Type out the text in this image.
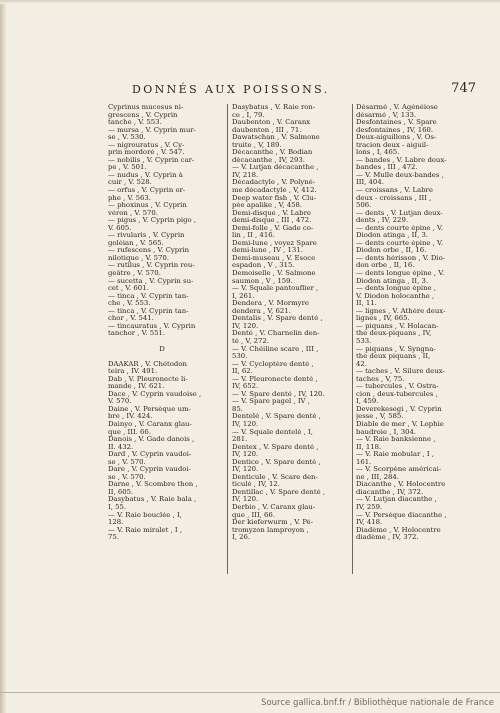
DONNÉS AUX POISSONS.	747
Cyprinus mucosus ni-
grescens , V. Cyprin
tanche , V. 553.
— mursa , V. Cyprin mur-
se , V. 530.
— nigrouratus , V. Cy-
prin mordoré , V. 547.
— nobilis , V. Cyprin car-
pe , V. 501.
— nudus , V. Cyprin à
cuir , V. 528.
— orfus , V. Cyprin or-
phe , V. 563.
— phoxinus , V. Cyprin
véron , V. 570.
— pigus , V. Cyprin pigo ,
V. 605.
— rivularis , V. Cyprin
goléian , V. 565.
— rufescens , V. Cyprin
nilotique , V. 570.
— rutilus , V. Cyprin rou-
geâtre , V. 570.
— sucetta , V. Cyprin su-
cet , V. 601.
— tinca , V. Cyprin tan-
che , V. 553.
— tinca , V. Cyprin tan-
chor , V. 541.
— tincauratus , V. Cyprin
tanchor , V. 551.

D

DAAKAR , V. Chétodon
teira , IV. 491.
Dab , V. Pleuronecte li-
mande , IV. 621.
Dace , V. Cyprin vaudoise ,
V. 570.
Daine , V. Persèque um-
bre , IV. 424.
Dainyo , V. Caranx glau-
que , III. 66.
Danois , V. Gade danois ,
II. 432.
Dard , V. Cyprin vaudoi-
se , V. 570.
Dare , V. Cyprin vaudoi-
se , V. 570.
Darne , V. Scombre thon ,
II, 605.
Dasybatus , V. Raie bala ,
I, 55.
— V. Raie bouclée , I,
128.
— V. Raie miralet , I ,
75.
Dasybatus , V. Raie ron-
ce , I, 79.
Daubenton , V. Caranx
daubenton , III , 71.
Dawatschan , V. Salmone
truite , V, 189.
Décacanthe , V. Bodian
décacanthe , IV, 293.
— V. Lutjan décacanthe ,
IV, 218.
Décadactyle , V. Polyné-
me décadactyle , V, 412.
Deep water fish , V. Clu-
pée apalike , V, 458.
Demi-disque , V. Labre
demi-disque , III , 472.
Demi-folle , V. Gade co-
lin , II , 416.
Demi-lune , voyez Spare
demi-lune , IV , 131.
Demi-museau , V. Esoce
espadon , V , 315.
Demoiselle , V. Salmone
saumon , V , 159.
— V. Squale pantouflier ,
I, 261.
Dendera , V. Mormyre
dendera , V, 621.
Dentalis , V. Spare denté ,
IV, 120.
Denté , V. Charnelin den-
té , V, 272.
— V. Chéiline scare , III ,
530.
— V. Cycloptère denté ,
II, 62.
— V. Pleuronecte denté ,
IV, 652.
— V. Spare denté , IV, 120.
— V. Spare pagel , IV ,
85.
Dentelé , V. Spare denté ,
IV, 120.
— V. Squale dentelé , I,
281.
Dentex , V. Spare denté ,
IV, 120.
Dentice , V. Spare denté ,
IV, 120.
Denticule , V. Scare den-
ticulé , IV, 12.
Dentillac , V. Spare denté ,
IV, 120.
Derbio , V. Caranx glau-
que , III, 66.
Der kieferwurm , V. Pé-
tromyzon lamproyon ,
I, 26.
Désarmé , V. Agénéiose
désarmé , V, 133.
Desfontaines , V. Spare
desfontaines , IV, 160.
Deux-aiguillons , V. Os-
tracion deux - aiguil-
lons , I, 465.
— bandes , V. Labre deux-
bandes , III , 472.
— V. Mulle deux-bandes ,
III, 404.
— croissans , V. Labre
deux - croissans , III ,
506.
— dents , V. Lutjan deux-
dents , IV, 229.
— dents courte épine , V.
Diodon atinga , II, 3.
— dents courte épine , V.
Diodon orbe , II, 16.
— dents hérisson , V. Dio-
don orbe , II, 16.
— dents longue épine , V.
Diodon atinga , II, 3.
— dents longue épine ,
V. Diodon holocanthe ,
II, 11.
— lignes , V. Athère deux-
lignes , IV, 665.
— piquans , V. Holacan-
the deux-piquans , IV,
533.
— piquans , V. Syngna-
the deux piquans , II,
42.
— taches , V. Silure deux-
taches , V, 75.
— tubercules , V. Ostra-
cion , deux-tubercules ,
I, 459.
Deverekesegi , V. Cyprin
jesse , V, 585.
Diable de mer , V. Lophie
baudroie , I, 304.
— V. Raie banksienne ,
II, 118.
— V. Raie mobular , I ,
161.
— V. Scorpène américai-
ne , III, 284.
Diacanthe , V. Holocentre
diacanthe , IV, 372.
— V. Lutjan diacanthe ,
IV, 259.
— V. Persèque diacanthe ,
IV, 418.
Diadème , V. Holocentre
diadème , IV, 372.
Source gallica.bnf.fr / Bibliothèque nationale de France
